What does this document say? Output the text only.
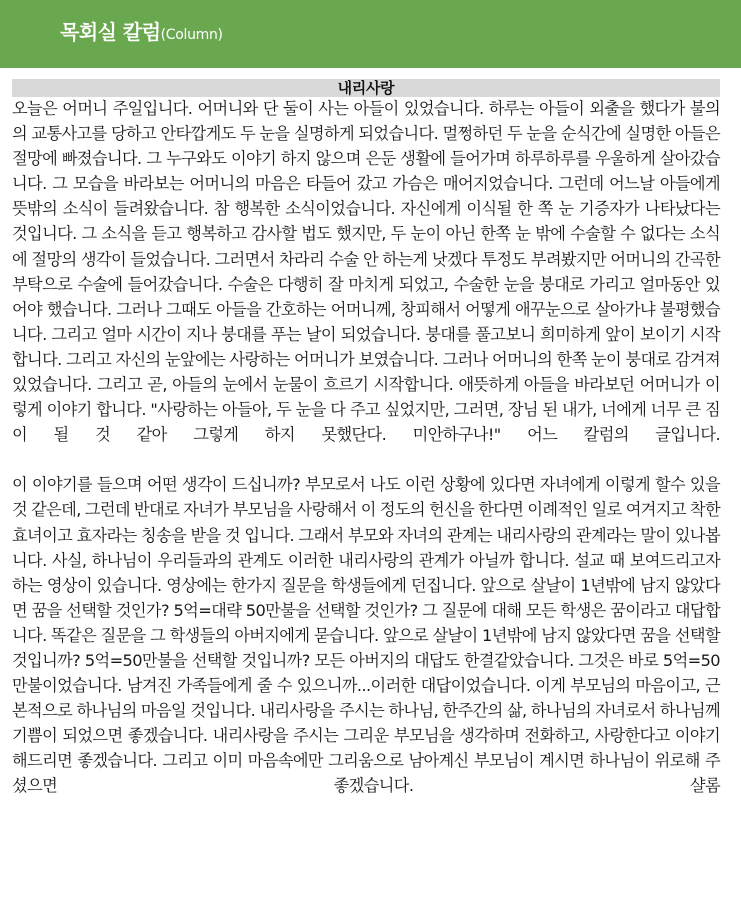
목회실 칼럼(Column)
내리사랑

오늘은 어머니 주일입니다. 어머니와 단 둘이 사는 아들이 있었습니다. 하루는 아들이 외출을 했다가 불의의 교통사고를 당하고 안타깝게도 두 눈을 실명하게 되었습니다. 멀쩡하던 두 눈을 순식간에 실명한 아들은 절망에 빠졌습니다. 그 누구와도 이야기 하지 않으며 은둔 생활에 들어가며 하루하루를 우울하게 살아갔습니다. 그 모습을 바라보는 어머니의 마음은 타들어 갔고 가슴은 매어지었습니다. 그런데 어느날 아들에게 뜻밖의 소식이 들려왔습니다. 참 행복한 소식이었습니다. 자신에게 이식될 한 쪽 눈 기증자가 나타났다는 것입니다. 그 소식을 듣고 행복하고 감사할 법도 했지만, 두 눈이 아닌 한쪽 눈 밖에 수술할 수 없다는 소식에 절망의 생각이 들었습니다. 그러면서 차라리 수술 안 하는게 낫겠다 투정도 부려봤지만 어머니의 간곡한 부탁으로 수술에 들어갔습니다. 수술은 다행히 잘 마치게 되었고, 수술한 눈을 붕대로 가리고 얼마동안 있어야 했습니다. 그러나 그때도 아들을 간호하는 어머니께, 창피해서 어떻게 애꾸눈으로 살아가냐 불평했습니다. 그리고 얼마 시간이 지나 붕대를 푸는 날이 되었습니다. 붕대를 풀고보니 희미하게 앞이 보이기 시작합니다. 그리고 자신의 눈앞에는 사랑하는 어머니가 보였습니다. 그러나 어머니의 한쪽 눈이 붕대로 감겨져 있었습니다. 그리고 곧, 아들의 눈에서 눈물이 흐르기 시작합니다. 애뜻하게 아들을 바라보던 어머니가 이렇게 이야기 합니다. "사랑하는 아들아, 두 눈을 다 주고 싶었지만, 그러면, 장님 된 내가, 너에게 너무 큰 짐이 될 것 같아 그렇게 하지 못했단다. 미안하구나!" 어느 칼럼의 글입니다.

이 이야기를 들으며 어떤 생각이 드십니까? 부모로서 나도 이런 상황에 있다면 자녀에게 이렇게 할수 있을것 같은데, 그런데 반대로 자녀가 부모님을 사랑해서 이 정도의 헌신을 한다면 이례적인 일로 여겨지고 착한 효녀이고 효자라는 칭송을 받을 것 입니다. 그래서 부모와 자녀의 관계는 내리사랑의 관계라는 말이 있나봅니다. 사실, 하나님이 우리들과의 관계도 이러한 내리사랑의 관계가 아닐까 합니다. 설교 때 보여드리고자 하는 영상이 있습니다. 영상에는 한가지 질문을 학생들에게 던집니다. 앞으로 살날이 1년밖에 남지 않았다면 꿈을 선택할 것인가? 5억=대략 50만불을 선택할 것인가? 그 질문에 대해 모든 학생은 꿈이라고 대답합니다. 똑같은 질문을 그 학생들의 아버지에게 묻습니다. 앞으로 살날이 1년밖에 남지 않았다면 꿈을 선택할 것입니까? 5억=50만불을 선택할 것입니까? 모든 아버지의 대답도 한결같았습니다. 그것은 바로 5억=50만불이었습니다. 남겨진 가족들에게 줄 수 있으니까...이러한 대답이었습니다. 이게 부모님의 마음이고, 근본적으로 하나님의 마음일 것입니다. 내리사랑을 주시는 하나님, 한주간의 삶, 하나님의 자녀로서 하나님께 기쁨이 되었으면 좋겠습니다. 내리사랑을 주시는 그리운 부모님을 생각하며 전화하고, 사랑한다고 이야기 해드리면 좋겠습니다. 그리고 이미 마음속에만 그리움으로 남아계신 부모님이 계시면 하나님이 위로해 주셨으면 좋겠습니다. 샬롬
